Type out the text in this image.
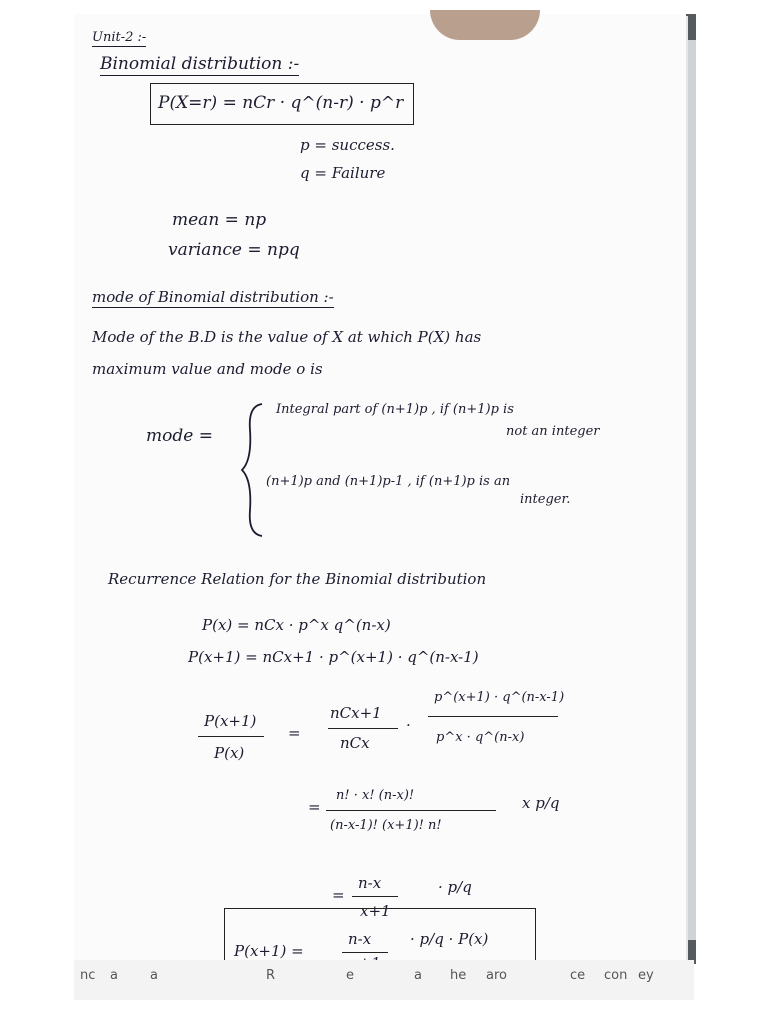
Unit-2 :-
Binomial distribution :-
P(X=r) = nCr · q^(n-r) · p^r
p = success.
q = Failure
mean = np
variance = npq
mode of Binomial distribution :-
Mode of the B.D is the value of X at which P(X) has
maximum value and mode o is
mode =
Integral part of (n+1)p , if (n+1)p is
not an integer
(n+1)p and (n+1)p-1 , if (n+1)p is an
integer.
Recurrence Relation for the Binomial distribution
P(x) = nCx · p^x q^(n-x)
P(x+1) = nCx+1 · p^(x+1) · q^(n-x-1)
P(x+1)
P(x)
=
nCx+1
nCx
·
p^(x+1) · q^(n-x-1)
p^x · q^(n-x)
=
n! · x! (n-x)!
(n-x-1)! (x+1)! n!
x p/q
=
n-x
x+1
· p/q
P(x+1) =
n-x	· p/q · P(x)
nc a a	R	e	a he aro	ce con ey
